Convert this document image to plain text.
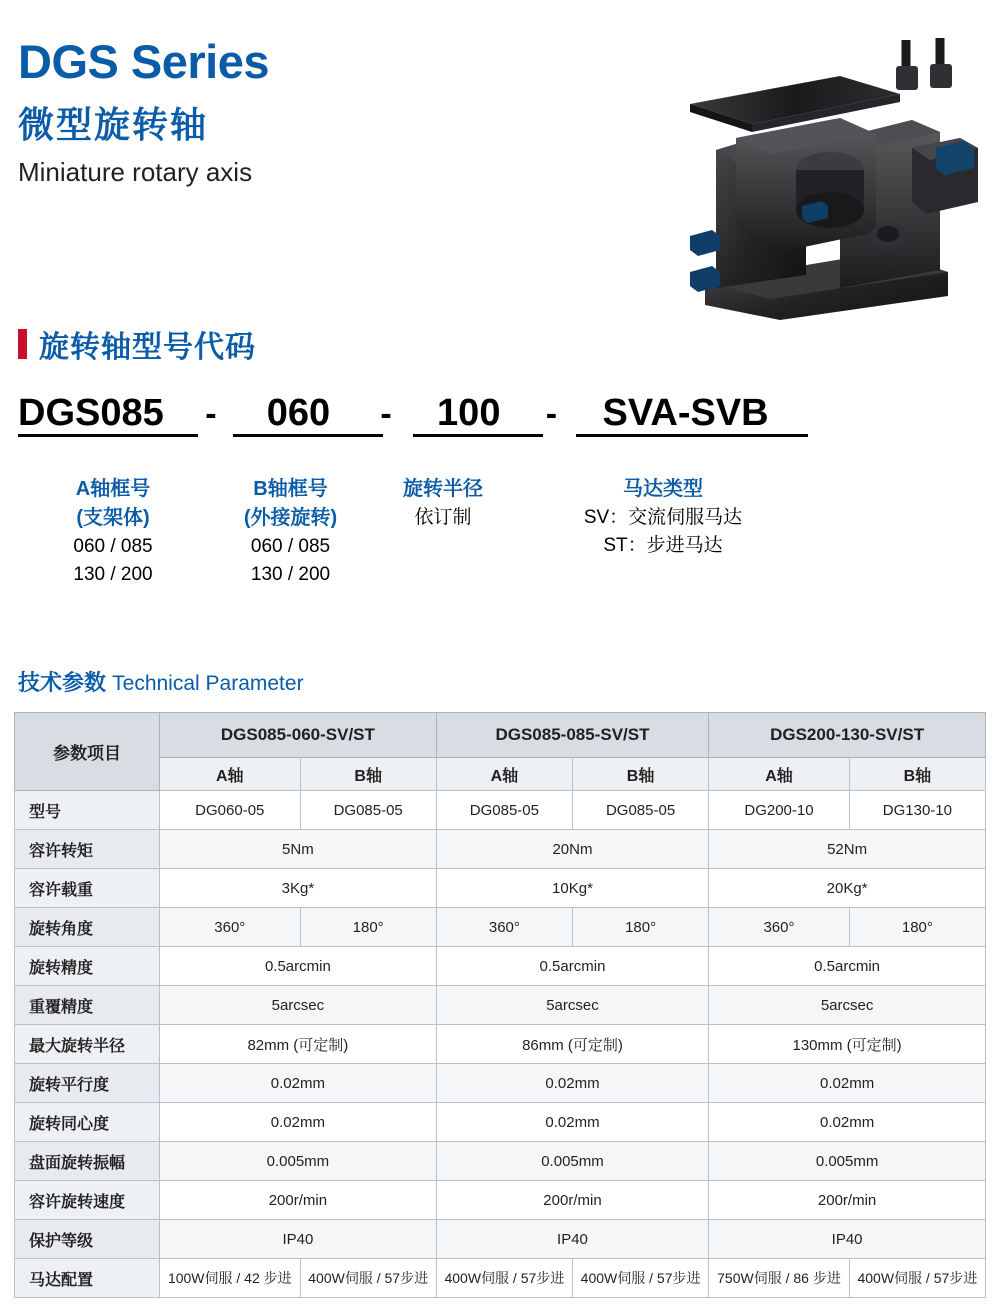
DGS Series
微型旋转轴
Miniature rotary axis
旋转轴型号代码
DGS085	-	060	-	100	-	SVA-SVB
A轴框号
(支架体)
060 / 085
130 / 200
B轴框号
(外接旋转)
060 / 085
130 / 200
旋转半径
依订制
马达类型
SV：交流伺服马达
ST：步进马达
技术参数 Technical Parameter
参数项目	DGS085-060-SV/ST		DGS085-085-SV/ST		DGS200-130-SV/ST	
	A轴	B轴	A轴	B轴	A轴	B轴
型号	DG060-05	DG085-05	DG085-05	DG085-05	DG200-10	DG130-10
容许转矩	5Nm		20Nm		52Nm	
容许载重	3Kg*		10Kg*		20Kg*	
旋转角度	360°	180°	360°	180°	360°	180°
旋转精度	0.5arcmin		0.5arcmin		0.5arcmin	
重覆精度	5arcsec		5arcsec		5arcsec	
最大旋转半径	82mm (可定制)		86mm (可定制)		130mm (可定制)	
旋转平行度	0.02mm		0.02mm		0.02mm	
旋转同心度	0.02mm		0.02mm		0.02mm	
盘面旋转振幅	0.005mm		0.005mm		0.005mm	
容许旋转速度	200r/min		200r/min		200r/min	
保护等级	IP40		IP40		IP40	
马达配置	100W伺服 / 42 步进	400W伺服 / 57步进	400W伺服 / 57步进	400W伺服 / 57步进	750W伺服 / 86 步进	400W伺服 / 57步进
